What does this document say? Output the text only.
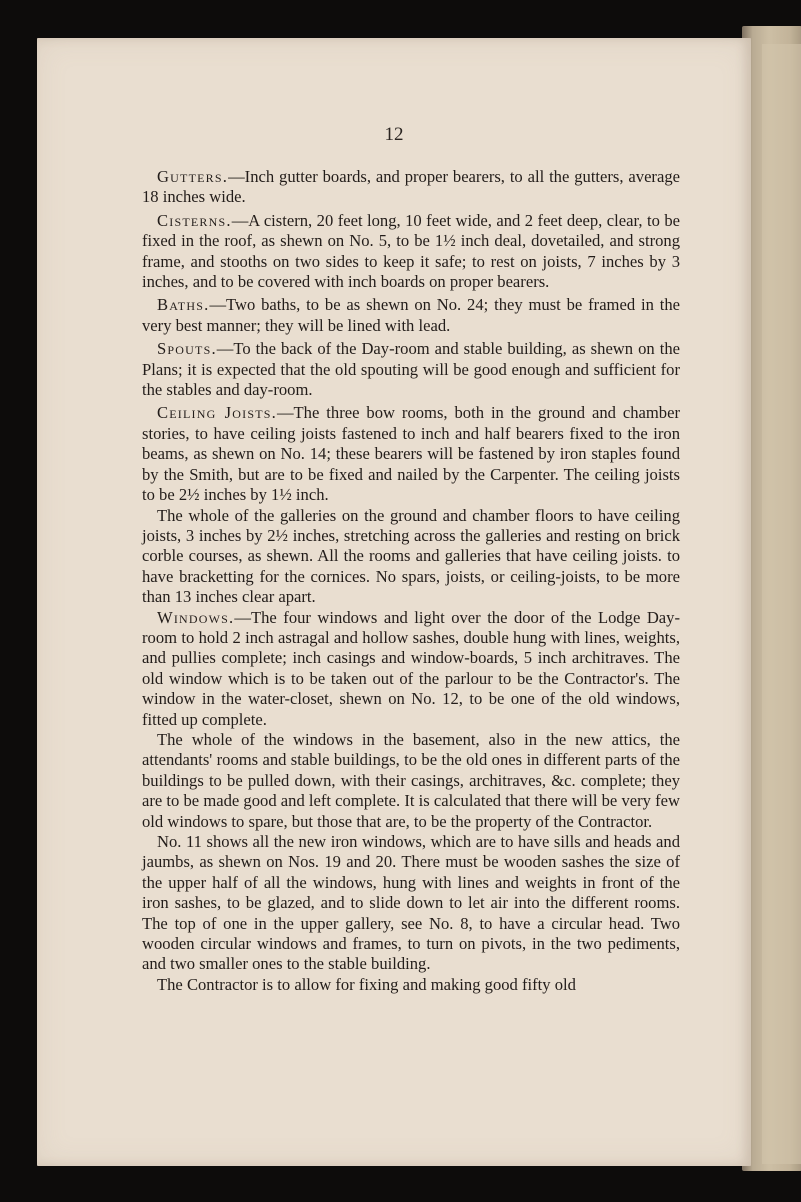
12

Gutters.—Inch gutter boards, and proper bearers, to all the gutters, average 18 inches wide.

Cisterns.—A cistern, 20 feet long, 10 feet wide, and 2 feet deep, clear, to be fixed in the roof, as shewn on No. 5, to be 1½ inch deal, dovetailed, and strong frame, and stooths on two sides to keep it safe; to rest on joists, 7 inches by 3 inches, and to be covered with inch boards on proper bearers.

Baths.—Two baths, to be as shewn on No. 24; they must be framed in the very best manner; they will be lined with lead.

Spouts.—To the back of the Day-room and stable building, as shewn on the Plans; it is expected that the old spouting will be good enough and sufficient for the stables and day-room.

Ceiling Joists.—The three bow rooms, both in the ground and chamber stories, to have ceiling joists fastened to inch and half bearers fixed to the iron beams, as shewn on No. 14; these bearers will be fastened by iron staples found by the Smith, but are to be fixed and nailed by the Carpenter. The ceiling joists to be 2½ inches by 1½ inch.

The whole of the galleries on the ground and chamber floors to have ceiling joists, 3 inches by 2½ inches, stretching across the galleries and resting on brick corble courses, as shewn. All the rooms and galleries that have ceiling joists. to have bracketting for the cornices. No spars, joists, or ceiling-joists, to be more than 13 inches clear apart.

Windows.—The four windows and light over the door of the Lodge Day-room to hold 2 inch astragal and hollow sashes, double hung with lines, weights, and pullies complete; inch casings and window-boards, 5 inch architraves. The old window which is to be taken out of the parlour to be the Contractor's. The window in the water-closet, shewn on No. 12, to be one of the old windows, fitted up complete.

The whole of the windows in the basement, also in the new attics, the attendants' rooms and stable buildings, to be the old ones in different parts of the buildings to be pulled down, with their casings, architraves, &c. complete; they are to be made good and left complete. It is calculated that there will be very few old windows to spare, but those that are, to be the property of the Contractor.

No. 11 shows all the new iron windows, which are to have sills and heads and jaumbs, as shewn on Nos. 19 and 20. There must be wooden sashes the size of the upper half of all the windows, hung with lines and weights in front of the iron sashes, to be glazed, and to slide down to let air into the different rooms. The top of one in the upper gallery, see No. 8, to have a circular head. Two wooden circular windows and frames, to turn on pivots, in the two pediments, and two smaller ones to the stable building.

The Contractor is to allow for fixing and making good fifty old
